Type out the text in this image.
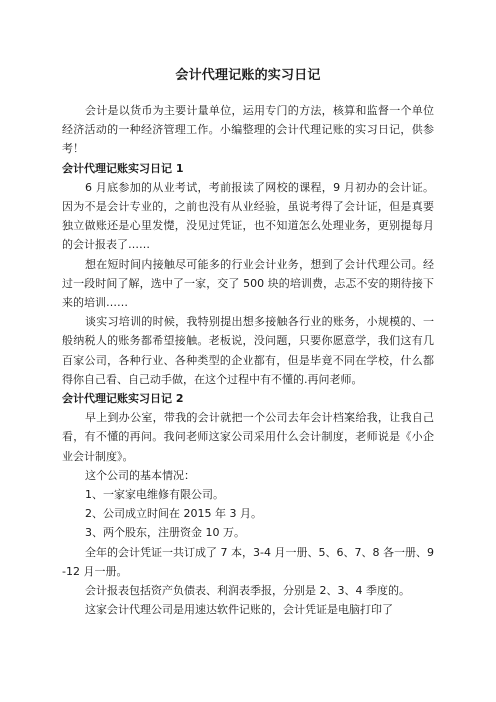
会计代理记账的实习日记

会计是以货币为主要计量单位，运用专门的方法，核算和监督一个单位经济活动的一种经济管理工作。小编整理的会计代理记账的实习日记，供参考！

会计代理记账实习日记 1

6 月底参加的从业考试，考前报读了网校的课程，9 月初办的会计证。因为不是会计专业的，之前也没有从业经验，虽说考得了会计证，但是真要独立做账还是心里发憷，没见过凭证，也不知道怎么处理业务，更别提每月的会计报表了……

想在短时间内接触尽可能多的行业会计业务，想到了会计代理公司。经过一段时间了解，选中了一家，交了 500 块的培训费，忐忑不安的期待接下来的培训……

谈实习培训的时候，我特别提出想多接触各行业的账务，小规模的、一般纳税人的账务都希望接触。老板说，没问题，只要你愿意学，我们这有几百家公司，各种行业、各种类型的企业都有，但是毕竟不同在学校，什么都得你自己看、自己动手做，在这个过程中有不懂的.再问老师。

会计代理记账实习日记 2

早上到办公室，带我的会计就把一个公司去年会计档案给我，让我自己看，有不懂的再问。我问老师这家公司采用什么会计制度，老师说是《小企业会计制度》。

这个公司的基本情况：

1、一家家电维修有限公司。

2、公司成立时间在 2015 年 3 月。

3、两个股东，注册资金 10 万。

全年的会计凭证一共订成了 7 本，3-4 月一册、5、6、7、8 各一册、9-12 月一册。

会计报表包括资产负债表、利润表季报，分别是 2、3、4 季度的。

这家会计代理公司是用速达软件记账的，会计凭证是电脑打印了
